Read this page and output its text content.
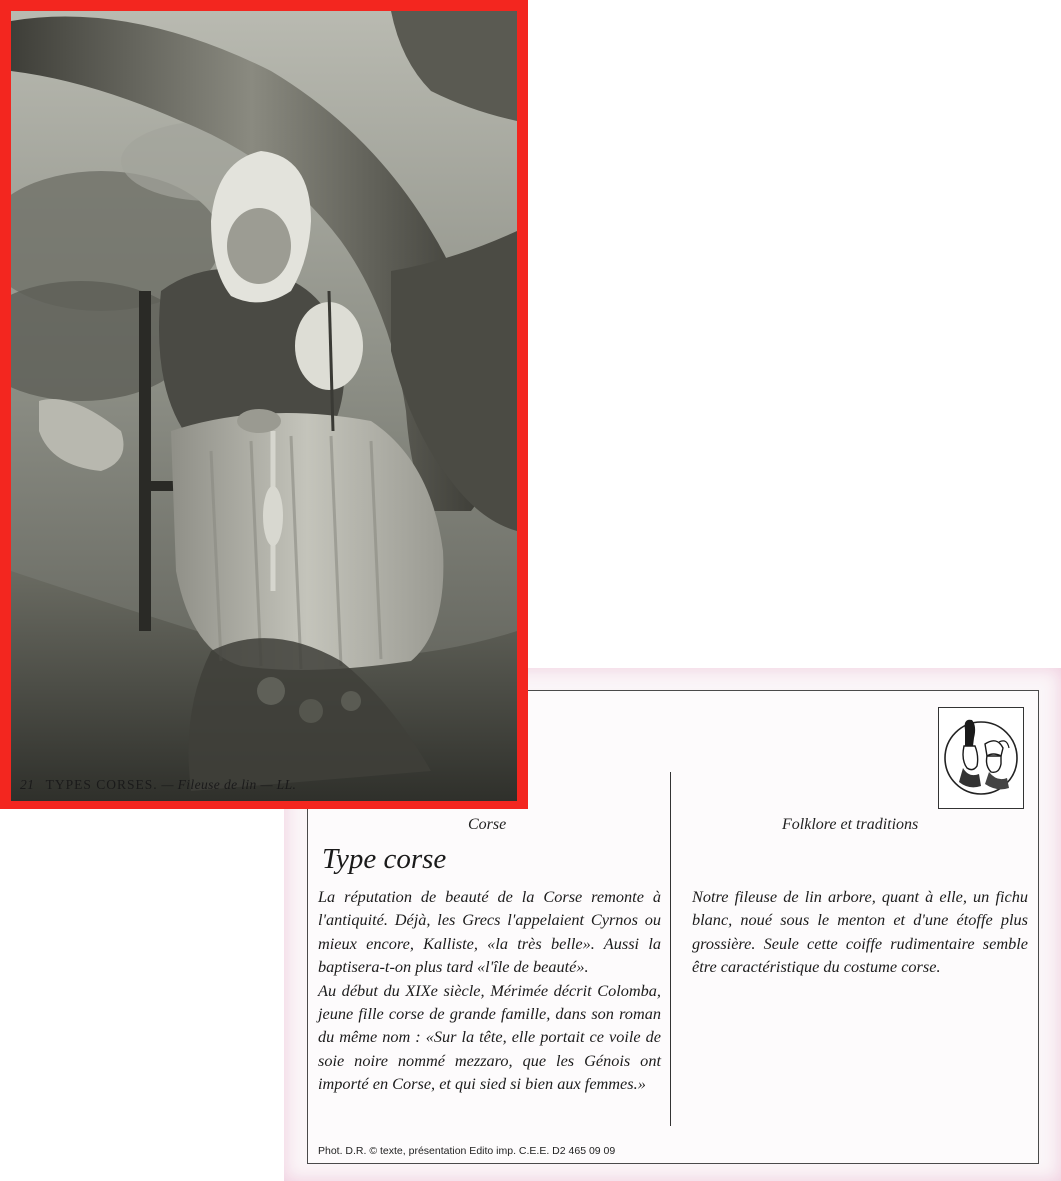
Corse	Folklore et traditions
Type corse

La réputation de beauté de la Corse remonte à l'antiquité. Déjà, les Grecs l'appelaient Cyrnos ou mieux encore, Kalliste, «la très belle». Aussi la baptisera-t-on plus tard «l'île de beauté».

Au début du XIXe siècle, Mérimée décrit Colomba, jeune fille corse de grande famille, dans son roman du même nom : «Sur la tête, elle portait ce voile de soie noire nommé mezzaro, que les Génois ont importé en Corse, et qui sied si bien aux femmes.»

Notre fileuse de lin arbore, quant à elle, un fichu blanc, noué sous le menton et d'une étoffe plus grossière. Seule cette coiffe rudimentaire semble être caractéristique du costume corse.

Phot. D.R. © texte, présentation Edito imp. C.E.E. D2 465 09 09
21 TYPES CORSES. — Fileuse de lin — LL.
